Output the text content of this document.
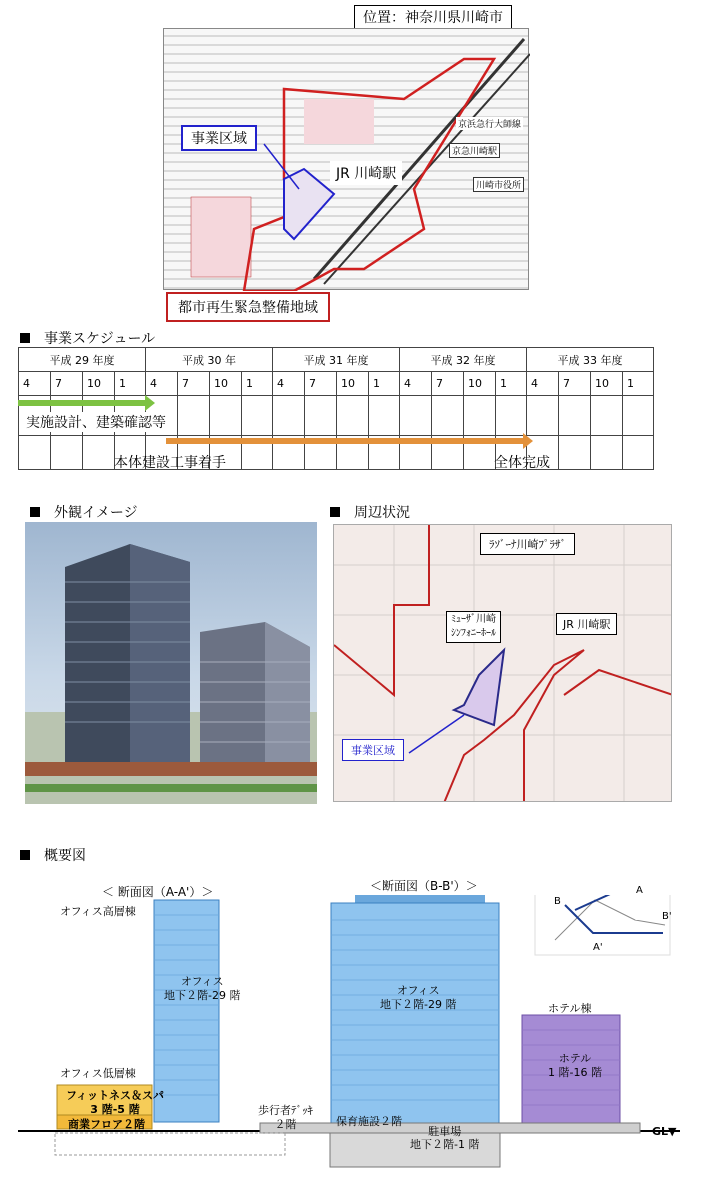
位置：神奈川県川崎市
事業区域
JR 川崎駅
京急川崎駅
川崎市役所
京浜急行大師線
都市再生緊急整備地域
事業スケジュール
平成 29 年度				平成 30 年				平成 31 年度				平成 32 年度				平成 33 年度			
4	7	10	1	4	7	10	1	4	7	10	1	4	7	10	1	4	7	10	1

実施設計、建築確認等
本体建設工事着手	全体完成
外観イメージ	周辺状況
ﾗｿﾞｰﾅ川崎ﾌﾟﾗｻﾞ
ﾐｭｰｻﾞ川崎
ｼﾝﾌｫﾆｰﾎｰﾙ
JR 川崎駅
事業区域
概要図
＜ 断面図（A-A'）＞	＜断面図（B-B'）＞
オフィス高層棟
オフィス低層棟
オフィス
地下２階-29 階
フィットネス＆スパ
3 階-5 階
商業フロア２階
歩行者ﾃﾞｯｷ
２階
オフィス
地下２階-29 階	ホテル棟
ホテル
1 階-16 階
保育施設２階
駐車場
地下２階-1 階
GL▼
A
A'
B
B'
